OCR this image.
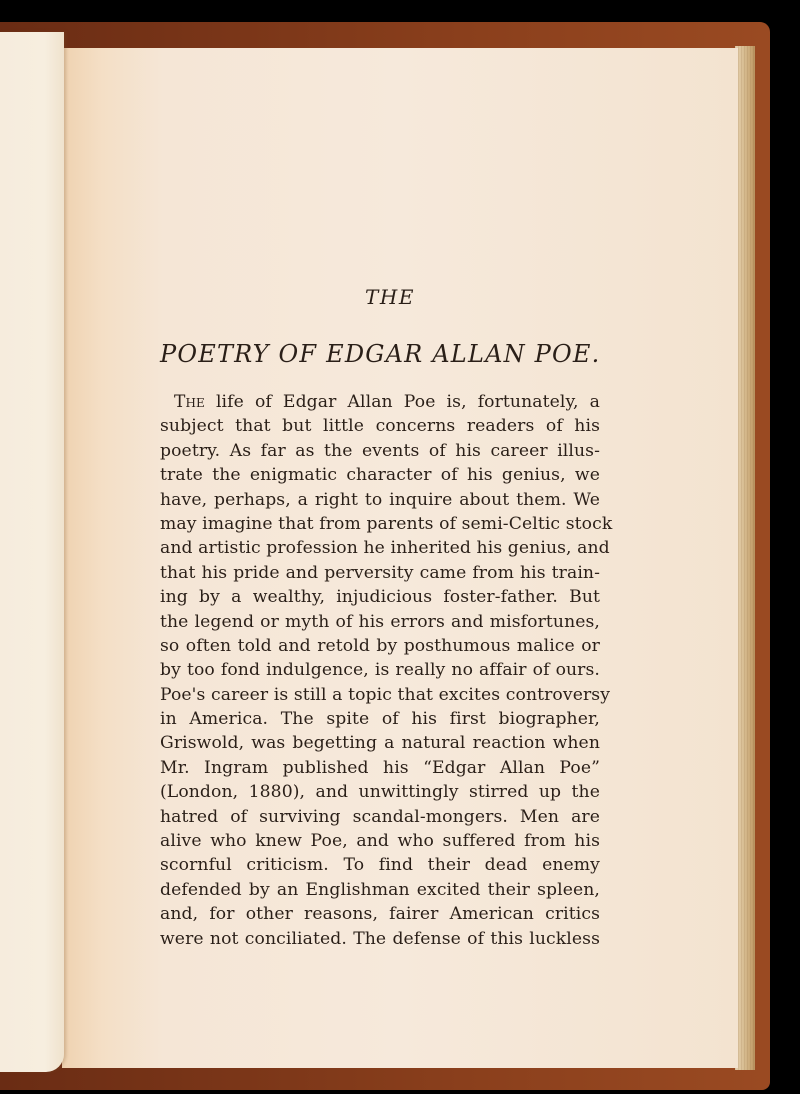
THE

POETRY OF EDGAR ALLAN POE.

The life of Edgar Allan Poe is, fortunately, a
subject that but little concerns readers of his
poetry. As far as the events of his career illus-
trate the enigmatic character of his genius, we
have, perhaps, a right to inquire about them. We
may imagine that from parents of semi-Celtic stock
and artistic profession he inherited his genius, and
that his pride and perversity came from his train-
ing by a wealthy, injudicious foster-father. But
the legend or myth of his errors and misfortunes,
so often told and retold by posthumous malice or
by too fond indulgence, is really no affair of ours.
Poe's career is still a topic that excites controversy
in America. The spite of his first biographer,
Griswold, was begetting a natural reaction when
Mr. Ingram published his “Edgar Allan Poe”
(London, 1880), and unwittingly stirred up the
hatred of surviving scandal-mongers. Men are
alive who knew Poe, and who suffered from his
scornful criticism. To find their dead enemy
defended by an Englishman excited their spleen,
and, for other reasons, fairer American critics
were not conciliated. The defense of this luckless
